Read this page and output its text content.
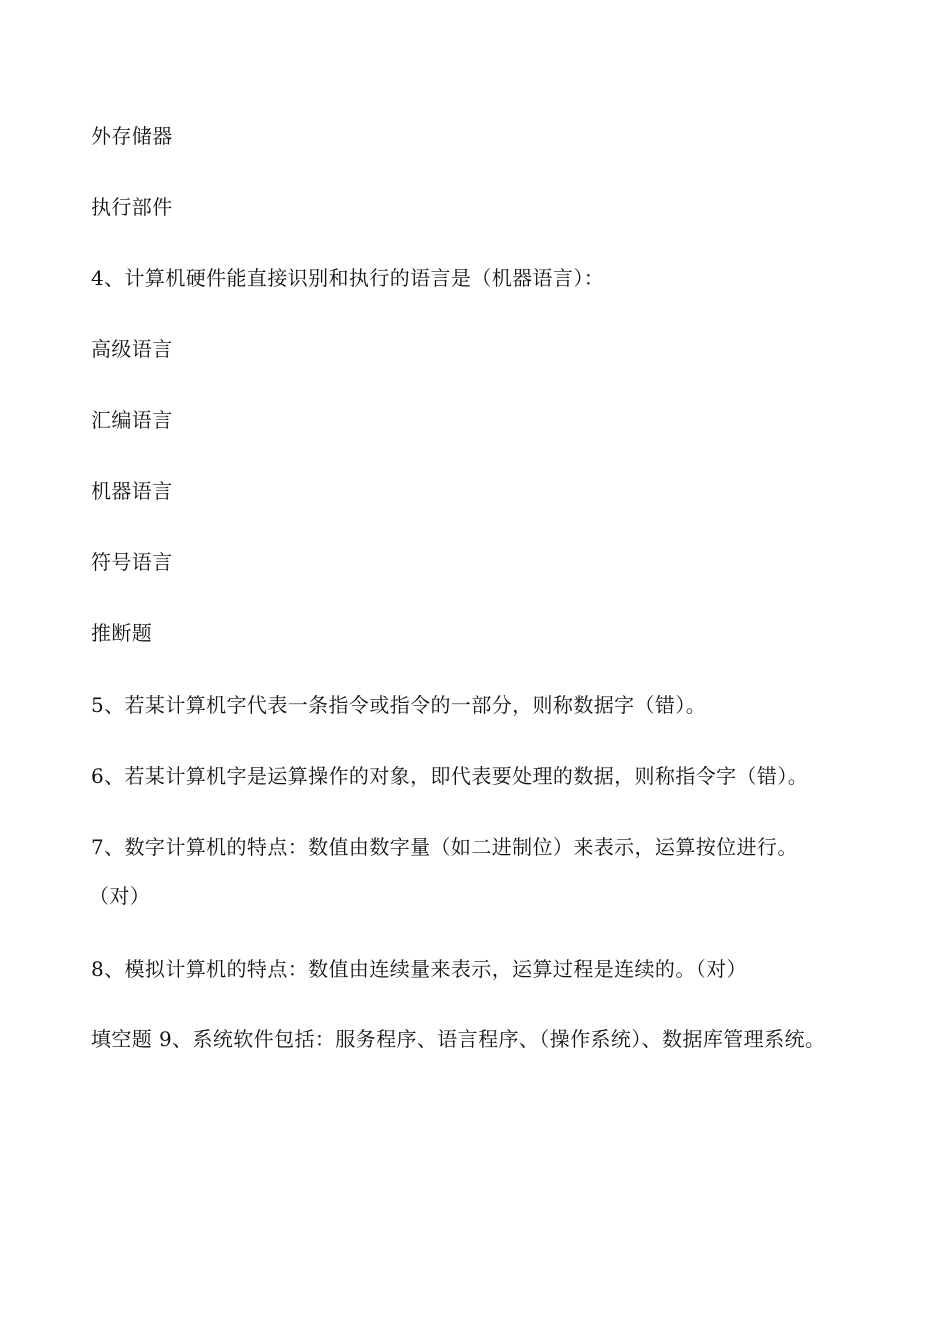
外存储器
执行部件
4、计算机硬件能直接识别和执行的语言是（机器语言）：
高级语言
汇编语言
机器语言
符号语言
推断题
5、若某计算机字代表一条指令或指令的一部分，则称数据字（错）。
6、若某计算机字是运算操作的对象，即代表要处理的数据，则称指令字（错）。
7、数字计算机的特点：数值由数字量（如二进制位）来表示，运算按位进行。
（对）
8、模拟计算机的特点：数值由连续量来表示，运算过程是连续的。（对）
填空题 9、系统软件包括：服务程序、语言程序、（操作系统）、数据库管理系统。
